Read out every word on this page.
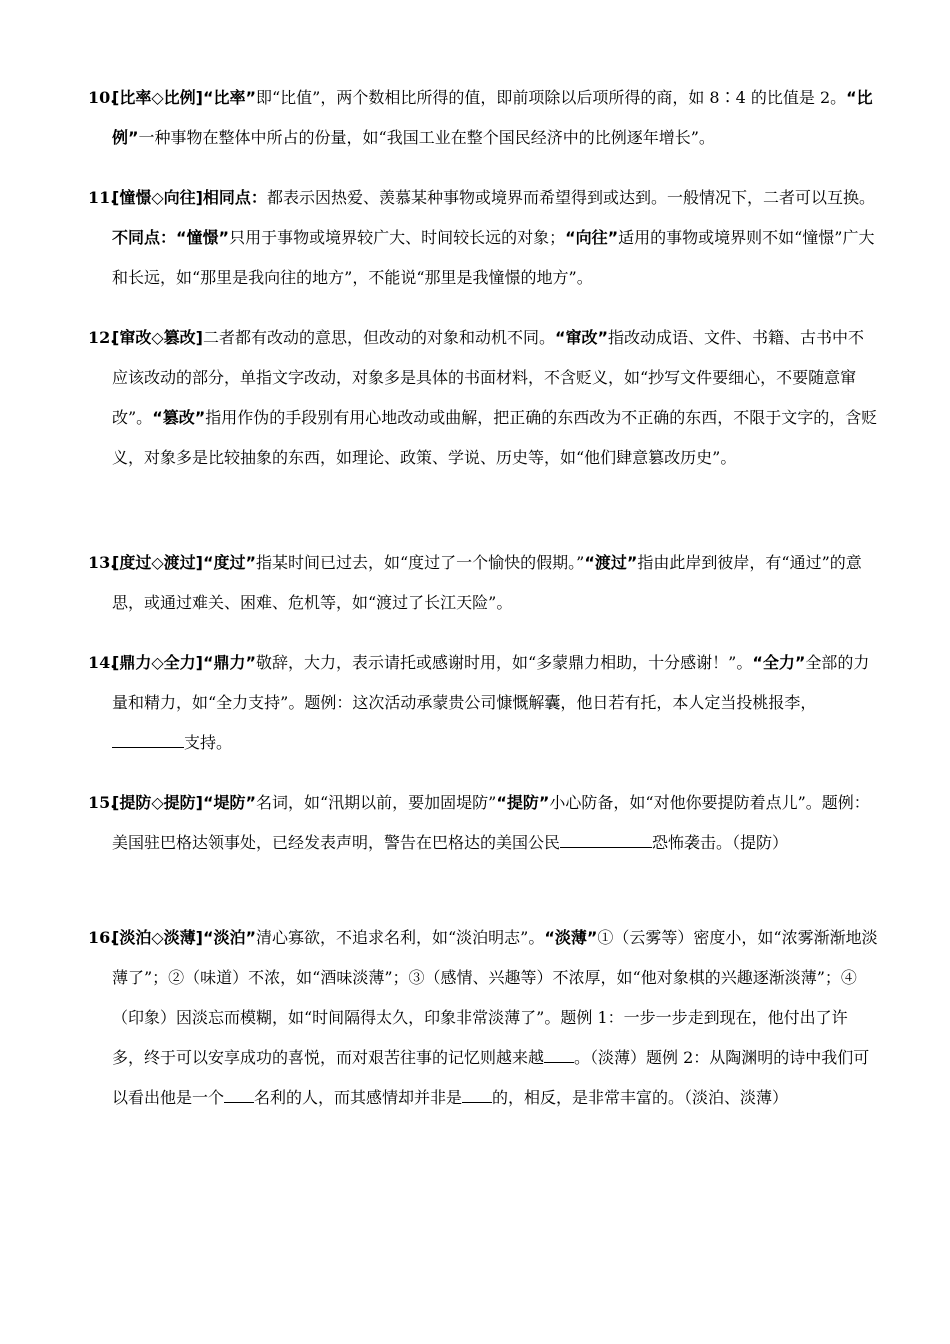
10.
[比率◇比例]“比率”即“比值”，两个数相比所得的值，即前项除以后项所得的商，如 8∶4 的比值是 2。“比例”一种事物在整体中所占的份量，如“我国工业在整个国民经济中的比例逐年增长”。
11.
[憧憬◇向往]相同点：都表示因热爱、羡慕某种事物或境界而希望得到或达到。一般情况下，二者可以互换。不同点：“憧憬”只用于事物或境界较广大、时间较长远的对象；“向往”适用的事物或境界则不如“憧憬”广大和长远，如“那里是我向往的地方”，不能说“那里是我憧憬的地方”。
12.
[窜改◇篡改]二者都有改动的意思，但改动的对象和动机不同。“窜改”指改动成语、文件、书籍、古书中不应该改动的部分，单指文字改动，对象多是具体的书面材料，不含贬义，如“抄写文件要细心，不要随意窜改”。“篡改”指用作伪的手段别有用心地改动或曲解，把正确的东西改为不正确的东西，不限于文字的，含贬义，对象多是比较抽象的东西，如理论、政策、学说、历史等，如“他们肆意篡改历史”。
13.
[度过◇渡过]“度过”指某时间已过去，如“度过了一个愉快的假期。”“渡过”指由此岸到彼岸，有“通过”的意思，或通过难关、困难、危机等，如“渡过了长江天险”。
14.
[鼎力◇全力]“鼎力”敬辞，大力，表示请托或感谢时用，如“多蒙鼎力相助，十分感谢！”。“全力”全部的力量和精力，如“全力支持”。题例：这次活动承蒙贵公司慷慨解囊，他日若有托，本人定当投桃报李，支持。
15.
[提防◇提防]“堤防”名词，如“汛期以前，要加固堤防”“提防”小心防备，如“对他你要提防着点儿”。题例：美国驻巴格达领事处，已经发表声明，警告在巴格达的美国公民	恐怖袭击。（提防）
16.
[淡泊◇淡薄]“淡泊”清心寡欲，不追求名利，如“淡泊明志”。“淡薄”①（云雾等）密度小，如“浓雾渐渐地淡薄了”；②（味道）不浓，如“酒味淡薄”；③（感情、兴趣等）不浓厚，如“他对象棋的兴趣逐渐淡薄”；④（印象）因淡忘而模糊，如“时间隔得太久，印象非常淡薄了”。题例 1：一步一步走到现在，他付出了许多，终于可以安享成功的喜悦，而对艰苦往事的记忆则越来越 。（淡薄）题例 2：从陶渊明的诗中我们可以看出他是一个 名利的人，而其感情却并非是 的，相反，是非常丰富的。（淡泊、淡薄）
